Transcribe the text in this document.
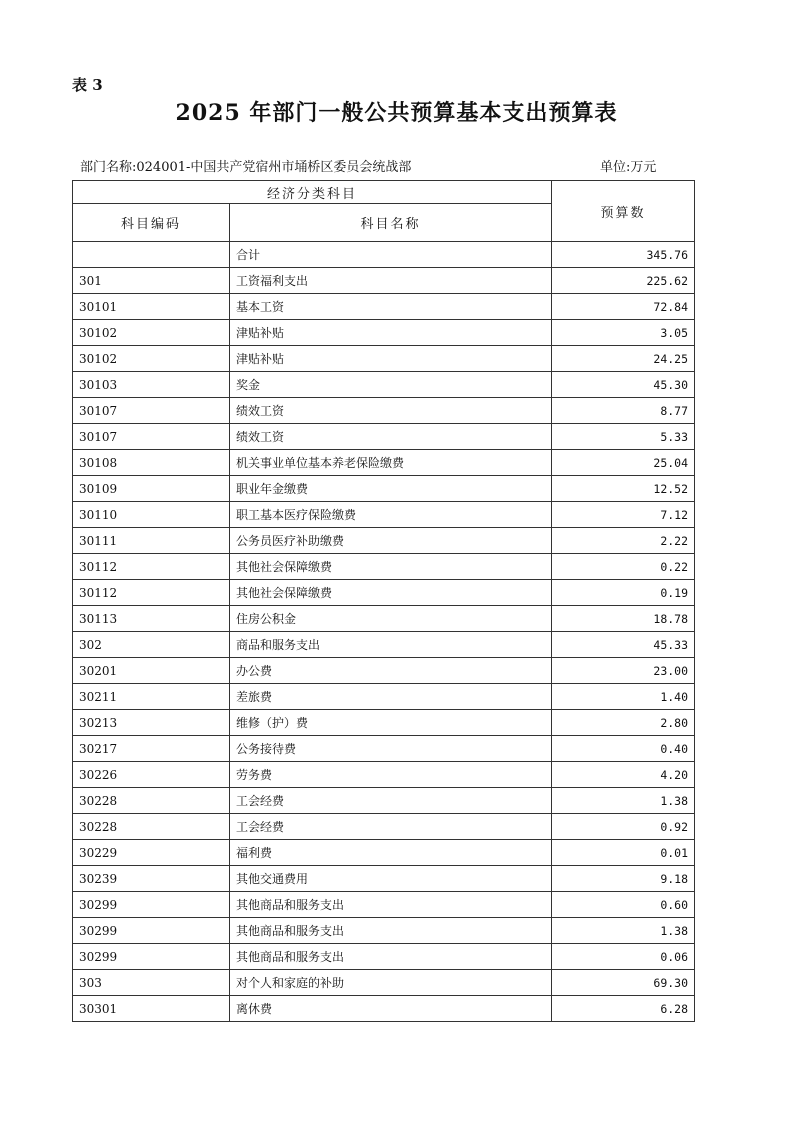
表 3
2025 年部门一般公共预算基本支出预算表
部门名称:024001-中国共产党宿州市埇桥区委员会统战部	单位:万元
经济分类科目		预算数
科目编码	科目名称	
	合计	345.76
301	工资福利支出	225.62
30101	基本工资	72.84
30102	津贴补贴	3.05
30102	津贴补贴	24.25
30103	奖金	45.30
30107	绩效工资	8.77
30107	绩效工资	5.33
30108	机关事业单位基本养老保险缴费	25.04
30109	职业年金缴费	12.52
30110	职工基本医疗保险缴费	7.12
30111	公务员医疗补助缴费	2.22
30112	其他社会保障缴费	0.22
30112	其他社会保障缴费	0.19
30113	住房公积金	18.78
302	商品和服务支出	45.33
30201	办公费	23.00
30211	差旅费	1.40
30213	维修（护）费	2.80
30217	公务接待费	0.40
30226	劳务费	4.20
30228	工会经费	1.38
30228	工会经费	0.92
30229	福利费	0.01
30239	其他交通费用	9.18
30299	其他商品和服务支出	0.60
30299	其他商品和服务支出	1.38
30299	其他商品和服务支出	0.06
303	对个人和家庭的补助	69.30
30301	离休费	6.28
